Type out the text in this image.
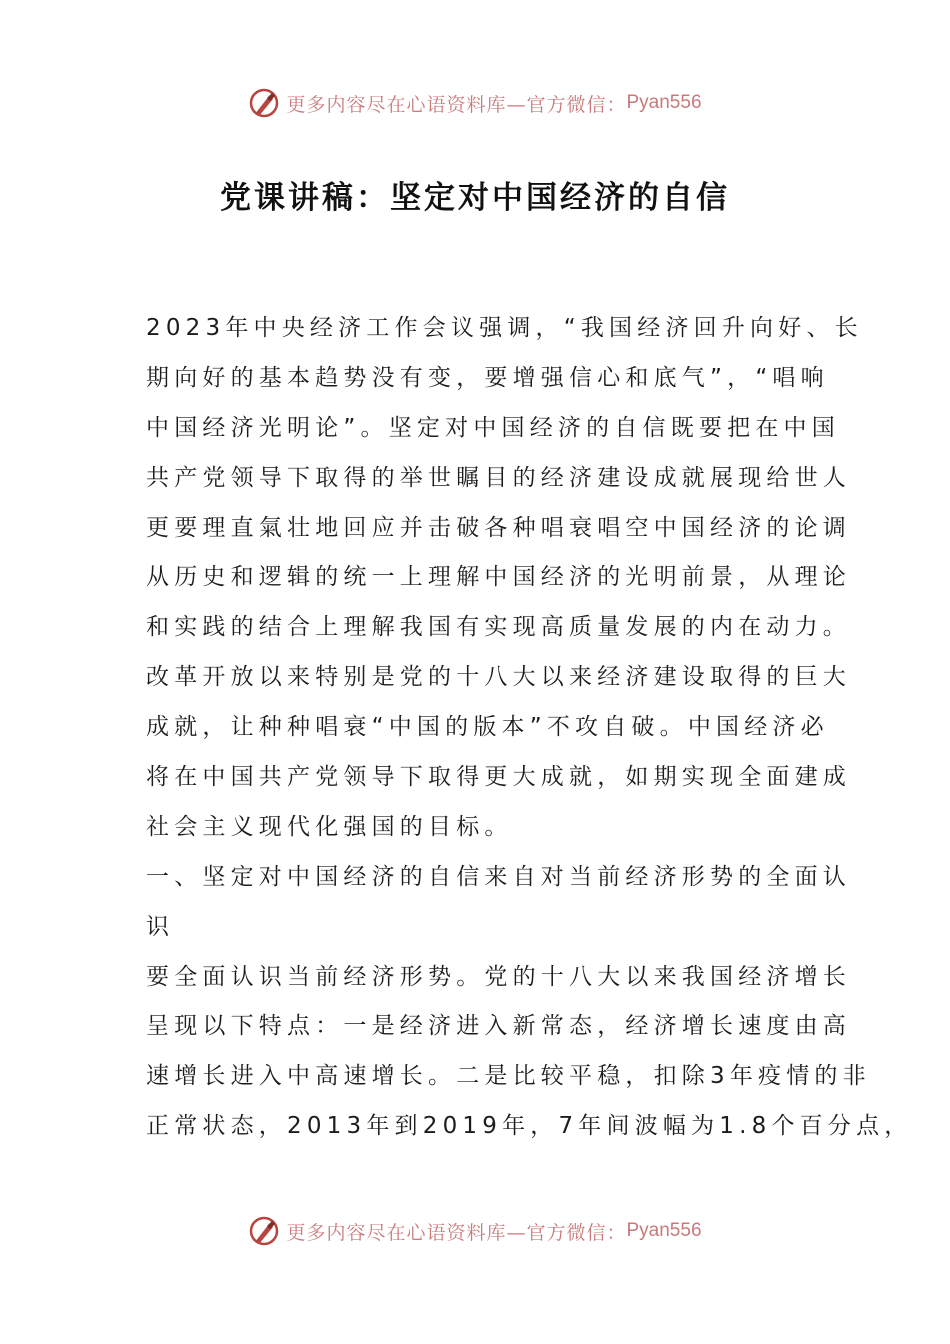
更多内容尽在心语资料库—官方微信： Pyan556
党课讲稿：坚定对中国经济的自信
2023年中央经济工作会议强调，“我国经济回升向好、长
期向好的基本趋势没有变，要增强信心和底气”，“唱响
中国经济光明论”。坚定对中国经济的自信既要把在中国
共产党领导下取得的举世瞩目的经济建设成就展现给世人
更要理直氣壮地回应并击破各种唱衰唱空中国经济的论调
从历史和逻辑的统一上理解中国经济的光明前景，从理论
和实践的结合上理解我国有实现高质量发展的内在动力。
改革开放以来特别是党的十八大以来经济建设取得的巨大
成就，让种种唱衰“中国的版本”不攻自破。中国经济必
将在中国共产党领导下取得更大成就，如期实现全面建成
社会主义现代化强国的目标。
一、坚定对中国经济的自信来自对当前经济形势的全面认
识
要全面认识当前经济形势。党的十八大以来我国经济增长
呈现以下特点：一是经济进入新常态，经济增长速度由高
速增长进入中高速增长。二是比较平稳，扣除3年疫情的非
正常状态，2013年到2019年，7年间波幅为1.8个百分点，
更多内容尽在心语资料库—官方微信： Pyan556
